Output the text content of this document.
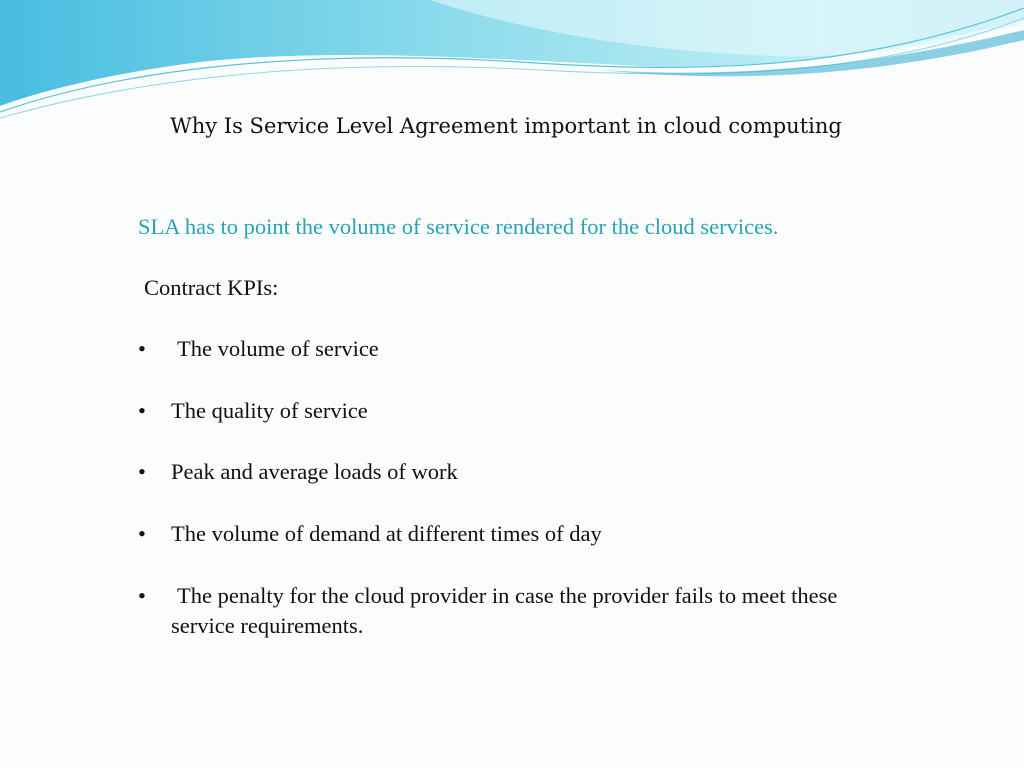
Why Is Service Level Agreement important in cloud computing
SLA has to point the volume of service rendered for the cloud services.
Contract KPIs:
• The volume of service
• The quality of service
• Peak and average loads of work
• The volume of demand at different times of day
• The penalty for the cloud provider in case the provider fails to meet these service requirements.
